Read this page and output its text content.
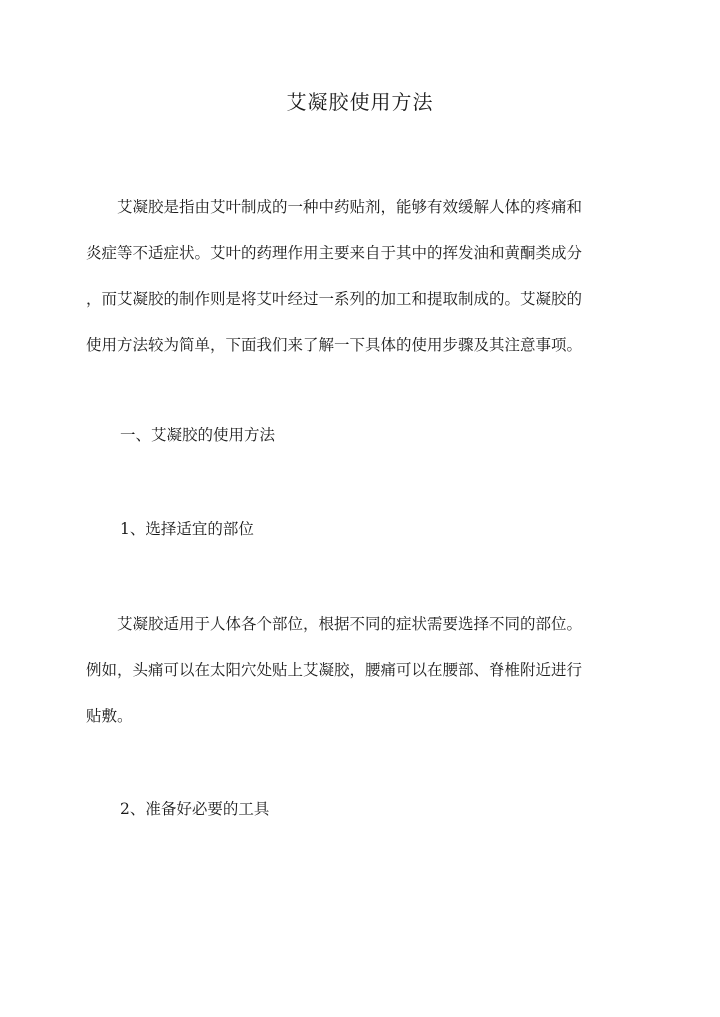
艾凝胶使用方法
艾凝胶是指由艾叶制成的一种中药贴剂，能够有效缓解人体的疼痛和
炎症等不适症状。艾叶的药理作用主要来自于其中的挥发油和黄酮类成分
，而艾凝胶的制作则是将艾叶经过一系列的加工和提取制成的。艾凝胶的
使用方法较为简单，下面我们来了解一下具体的使用步骤及其注意事项。
一、艾凝胶的使用方法
1、选择适宜的部位
艾凝胶适用于人体各个部位，根据不同的症状需要选择不同的部位。
例如，头痛可以在太阳穴处贴上艾凝胶，腰痛可以在腰部、脊椎附近进行
贴敷。
2、准备好必要的工具
